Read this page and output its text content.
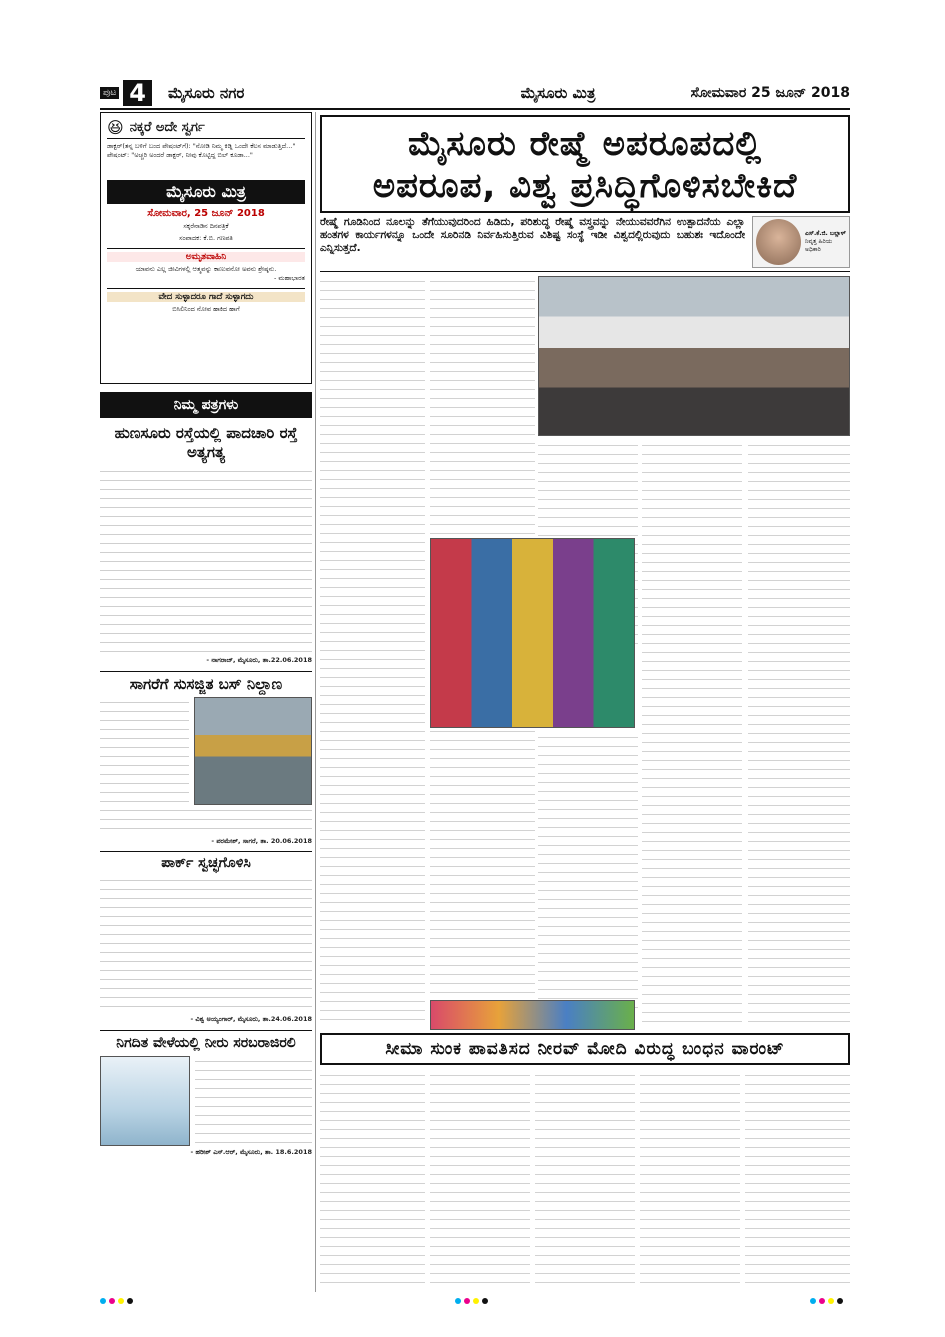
ಪುಟ 4	ಮೈಸೂರು ನಗರ	ಮೈಸೂರು ಮಿತ್ರ	ಸೋಮವಾರ 25 ಜೂನ್ 2018
😆 ನಕ್ಕರೆ ಅದೇ ಸ್ವರ್ಗ

ಡಾಕ್ಟರ್(ತನ್ನ ಬಳಿಗೆ ಬಂದ ಪೇಷಂಟ್‌ಗೆ): "ನೋಡಿ ನಿಮ್ಮ ಕಿಡ್ನಿ ಒಂದೇ ಕೆಲಸ ಮಾಡುತ್ತಿದೆ..." ಪೇಷಂಟ್: "ಅಚ್ಚರಿ ಅಂದರೆ ಡಾಕ್ಟರ್, ನೀವು ಕೊಟ್ಟಿದ್ದ ಬಿಲ್ ಕೂಡಾ..."

ಮೈಸೂರು ಮಿತ್ರ
ಸೋಮವಾರ, 25 ಜೂನ್ 2018
ಸಕ್ಕರೆನಾಡಿನ ದಿನಪತ್ರಿಕೆ
ಸಂಪಾದಕ: ಕೆ.ಬಿ. ಗಣಪತಿ
ಅಮೃತವಾಹಿನಿ

ಯಾವನು ಎಲ್ಲ ಜೀವಿಗಳಲ್ಲಿ ಆತ್ಮವನ್ನು ಕಾಣುವನೋ ಅವನು ಶ್ರೇಷ್ಠನು.

- ಮಹಾಭಾರತ

ವೇದ ಸುಳ್ಳಾದರೂ ಗಾದೆ ಸುಳ್ಳಾಗದು

ಬಿಸಿಲಿನಿಂದ ನೋವ ಹಾಕಿದ ಹಾಗೆ

ನಿಮ್ಮ ಪತ್ರಗಳು
ಹುಣಸೂರು ರಸ್ತೆಯಲ್ಲಿ ಪಾದಚಾರಿ ರಸ್ತೆ ಅತ್ಯಗತ್ಯ
- ನಾಗರಾಜ್, ಮೈಸೂರು, ತಾ.22.06.2018
ಸಾಗರೆಗೆ ಸುಸಜ್ಜಿತ ಬಸ್ ನಿಲ್ದಾಣ
- ಪರಮೇಶ್, ಸಾಗರೆ, ತಾ. 20.06.2018
ಪಾರ್ಕ್ ಸ್ವಚ್ಛಗೊಳಿಸಿ
- ವಿಶ್ವ ಅಯ್ಯಂಗಾರ್, ಮೈಸೂರು, ತಾ.24.06.2018
ನಿಗದಿತ ವೇಳೆಯಲ್ಲಿ ನೀರು ಸರಬರಾಜಿರಲಿ
- ಹರೀಶ್ ಎಸ್.ಆರ್, ಮೈಸೂರು, ತಾ. 18.6.2018
ಮೈಸೂರು ರೇಷ್ಮೆ ಅಪರೂಪದಲ್ಲಿ
ಅಪರೂಪ, ವಿಶ್ವ ಪ್ರಸಿದ್ಧಿಗೊಳಿಸಬೇಕಿದೆ
ರೇಷ್ಮೆ ಗೂಡಿನಿಂದ ನೂಲನ್ನು ತೆಗೆಯುವುದರಿಂದ ಹಿಡಿದು, ಪರಿಶುದ್ಧ ರೇಷ್ಮೆ ವಸ್ತ್ರವನ್ನು ನೇಯುವವರೆಗಿನ ಉತ್ಪಾದನೆಯ ಎಲ್ಲಾ ಹಂತಗಳ ಕಾರ್ಯಗಳನ್ನೂ ಒಂದೇ ಸೂರಿನಡಿ ನಿರ್ವಹಿಸುತ್ತಿರುವ ವಿಶಿಷ್ಟ ಸಂಸ್ಥೆ ಇಡೀ ವಿಶ್ವದಲ್ಲಿರುವುದು ಬಹುಶಃ ಇದೊಂದೇ ಎನ್ನಿಸುತ್ತದೆ.
ಎಸ್.ಕೆ.ಜಿ. ಬಲ್ಲಾಳ್
ನಿವೃತ್ತ ಹಿರಿಯ ಅಧಿಕಾರಿ
ಸೀಮಾ ಸುಂಕ ಪಾವತಿಸದ ನೀರವ್ ಮೋದಿ ವಿರುದ್ಧ ಬಂಧನ ವಾರಂಟ್
